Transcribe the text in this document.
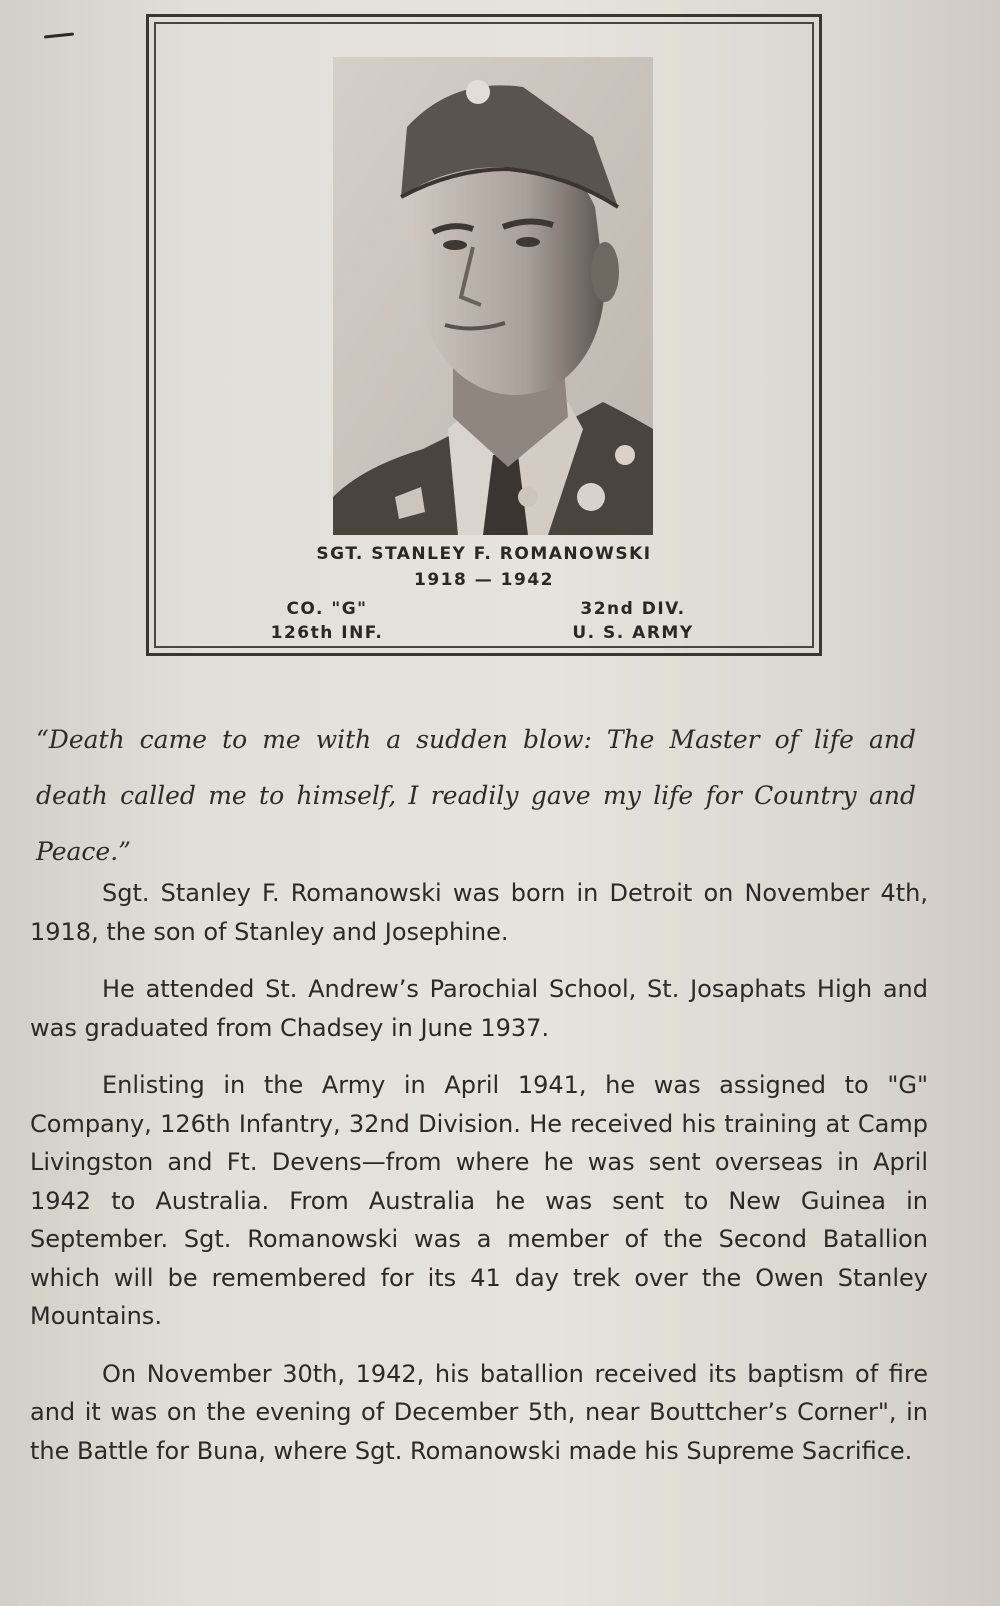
SGT. STANLEY F. ROMANOWSKI
1918 — 1942
CO. "G"
126th INF.
32nd DIV.
U. S. ARMY
“Death came to me with a sudden blow: The Master of life and death called me to himself, I readily gave my life for Country and Peace.”

Sgt. Stanley F. Romanowski was born in Detroit on November 4th, 1918, the son of Stanley and Josephine.

He attended St. Andrew’s Parochial School, St. Josaphats High and was graduated from Chadsey in June 1937.

Enlisting in the Army in April 1941, he was assigned to "G" Company, 126th Infantry, 32nd Division. He received his training at Camp Livingston and Ft. Devens—from where he was sent overseas in April 1942 to Australia. From Australia he was sent to New Guinea in September. Sgt. Romanowski was a member of the Second Batallion which will be remembered for its 41 day trek over the Owen Stanley Mountains.

On November 30th, 1942, his batallion received its baptism of fire and it was on the evening of December 5th, near Bouttcher’s Corner", in the Battle for Buna, where Sgt. Romanowski made his Supreme Sacrifice.
